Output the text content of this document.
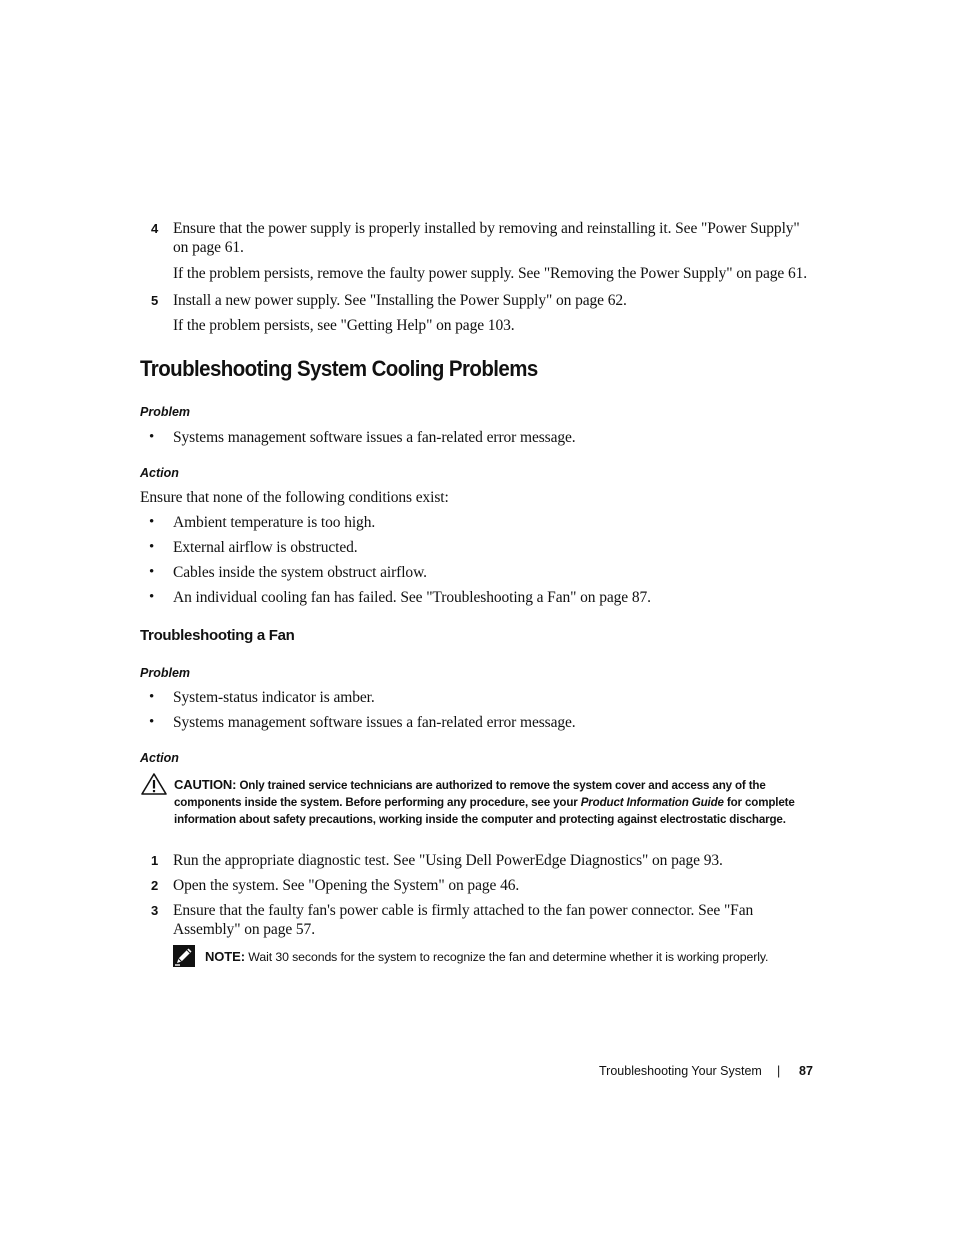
4 Ensure that the power supply is properly installed by removing and reinstalling it. See "Power Supply" on page 61.
If the problem persists, remove the faulty power supply. See "Removing the Power Supply" on page 61.
5 Install a new power supply. See "Installing the Power Supply" on page 62.
If the problem persists, see "Getting Help" on page 103.
Troubleshooting System Cooling Problems
Problem
• Systems management software issues a fan-related error message.
Action
Ensure that none of the following conditions exist:
• Ambient temperature is too high.
• External airflow is obstructed.
• Cables inside the system obstruct airflow.
• An individual cooling fan has failed. See "Troubleshooting a Fan" on page 87.
Troubleshooting a Fan
Problem
• System-status indicator is amber.
• Systems management software issues a fan-related error message.
Action
CAUTION: Only trained service technicians are authorized to remove the system cover and access any of the components inside the system. Before performing any procedure, see your Product Information Guide for complete information about safety precautions, working inside the computer and protecting against electrostatic discharge.
1 Run the appropriate diagnostic test. See "Using Dell PowerEdge Diagnostics" on page 93.
2 Open the system. See "Opening the System" on page 46.
3 Ensure that the faulty fan's power cable is firmly attached to the fan power connector. See "Fan Assembly" on page 57.
NOTE: Wait 30 seconds for the system to recognize the fan and determine whether it is working properly.
Troubleshooting Your System | 87
